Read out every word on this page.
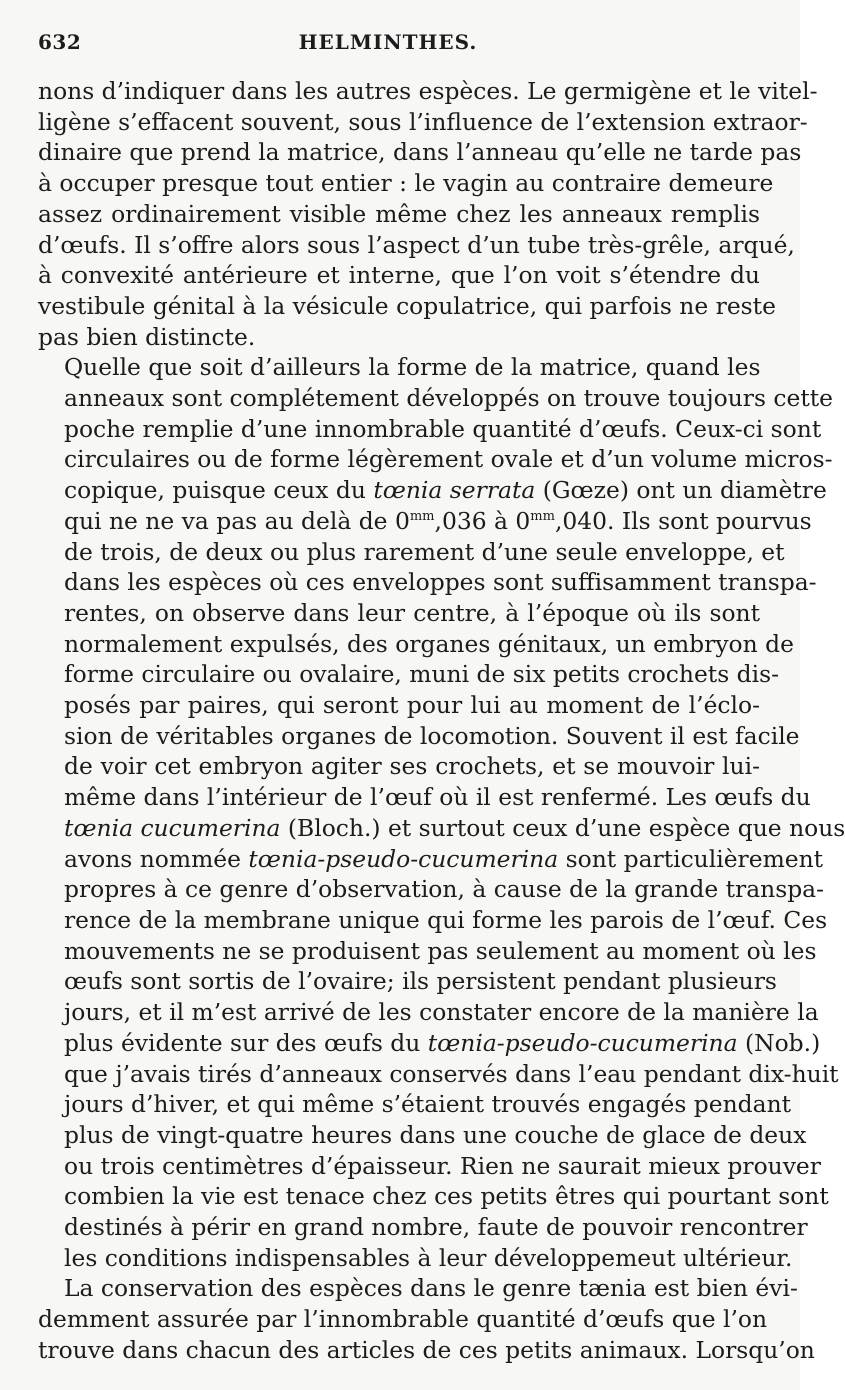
632	HELMINTHES.

nons d’indiquer dans les autres espèces. Le germigène et le vitel-
ligène s’effacent souvent, sous l’influence de l’extension extraor-
dinaire que prend la matrice, dans l’anneau qu’elle ne tarde pas
à occuper presque tout entier : le vagin au contraire demeure
assez ordinairement visible même chez les anneaux remplis
d’œufs. Il s’offre alors sous l’aspect d’un tube très-grêle, arqué,
à convexité antérieure et interne, que l’on voit s’étendre du
vestibule génital à la vésicule copulatrice, qui parfois ne reste
pas bien distincte.

Quelle que soit d’ailleurs la forme de la matrice, quand les
anneaux sont complétement développés on trouve toujours cette
poche remplie d’une innombrable quantité d’œufs. Ceux-ci sont
circulaires ou de forme légèrement ovale et d’un volume micros-
copique, puisque ceux du tœnia serrata (Gœze) ont un diamètre
qui ne ne va pas au delà de $0^{mm},036$ à $0^{mm},040$. Ils sont pourvus
de trois, de deux ou plus rarement d’une seule enveloppe, et
dans les espèces où ces enveloppes sont suffisamment transpa-
rentes, on observe dans leur centre, à l’époque où ils sont
normalement expulsés, des organes génitaux, un embryon de
forme circulaire ou ovalaire, muni de six petits crochets dis-
posés par paires, qui seront pour lui au moment de l’éclo-
sion de véritables organes de locomotion. Souvent il est facile
de voir cet embryon agiter ses crochets, et se mouvoir lui-
même dans l’intérieur de l’œuf où il est renfermé. Les œufs du
tœnia cucumerina (Bloch.) et surtout ceux d’une espèce que nous
avons nommée tœnia-pseudo-cucumerina sont particulièrement
propres à ce genre d’observation, à cause de la grande transpa-
rence de la membrane unique qui forme les parois de l’œuf. Ces
mouvements ne se produisent pas seulement au moment où les
œufs sont sortis de l’ovaire; ils persistent pendant plusieurs
jours, et il m’est arrivé de les constater encore de la manière la
plus évidente sur des œufs du tœnia-pseudo-cucumerina (Nob.)
que j’avais tirés d’anneaux conservés dans l’eau pendant dix-huit
jours d’hiver, et qui même s’étaient trouvés engagés pendant
plus de vingt-quatre heures dans une couche de glace de deux
ou trois centimètres d’épaisseur. Rien ne saurait mieux prouver
combien la vie est tenace chez ces petits êtres qui pourtant sont
destinés à périr en grand nombre, faute de pouvoir rencontrer
les conditions indispensables à leur développemeut ultérieur.

La conservation des espèces dans le genre tænia est bien évi-
demment assurée par l’innombrable quantité d’œufs que l’on
trouve dans chacun des articles de ces petits animaux. Lorsqu’on
